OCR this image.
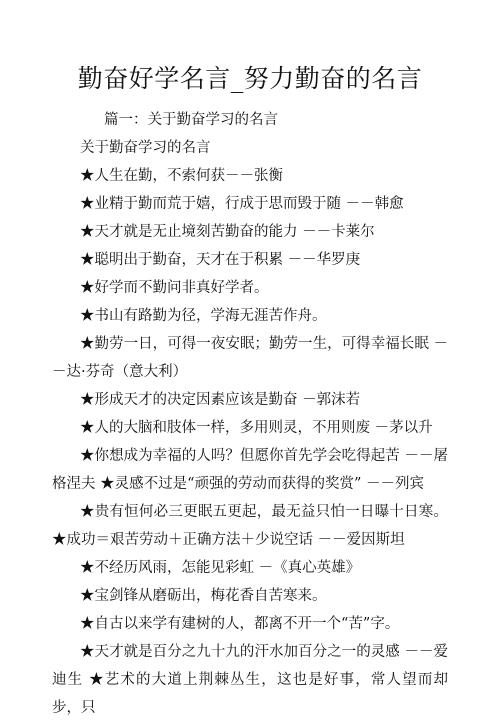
勤奋好学名言_努力勤奋的名言

篇一：关于勤奋学习的名言

关于勤奋学习的名言

★人生在勤，不索何获－－张衡

★业精于勤而荒于嬉，行成于思而毁于随 －－韩愈

★天才就是无止境刻苦勤奋的能力 －－卡莱尔

★聪明出于勤奋，天才在于积累 －－华罗庚

★好学而不勤问非真好学者。

★书山有路勤为径，学海无涯苦作舟。

★勤劳一日，可得一夜安眠；勤劳一生，可得幸福长眠 －－达·芬奇（意大利）

★形成天才的决定因素应该是勤奋 －郭沫若

★人的大脑和肢体一样，多用则灵，不用则废 －茅以升

★你想成为幸福的人吗？但愿你首先学会吃得起苦 －－屠格涅夫 ★灵感不过是“顽强的劳动而获得的奖赏” －－列宾

★贵有恒何必三更眠五更起，最无益只怕一日曝十日寒。 ★成功＝艰苦劳动＋正确方法＋少说空话 －－爱因斯坦

★不经历风雨，怎能见彩虹 －《真心英雄》

★宝剑锋从磨砺出，梅花香自苦寒来。

★自古以来学有建树的人，都离不开一个“苦”字。

★天才就是百分之九十九的汗水加百分之一的灵感 －－爱迪生 ★艺术的大道上荆棘丛生，这也是好事，常人望而却步，只
